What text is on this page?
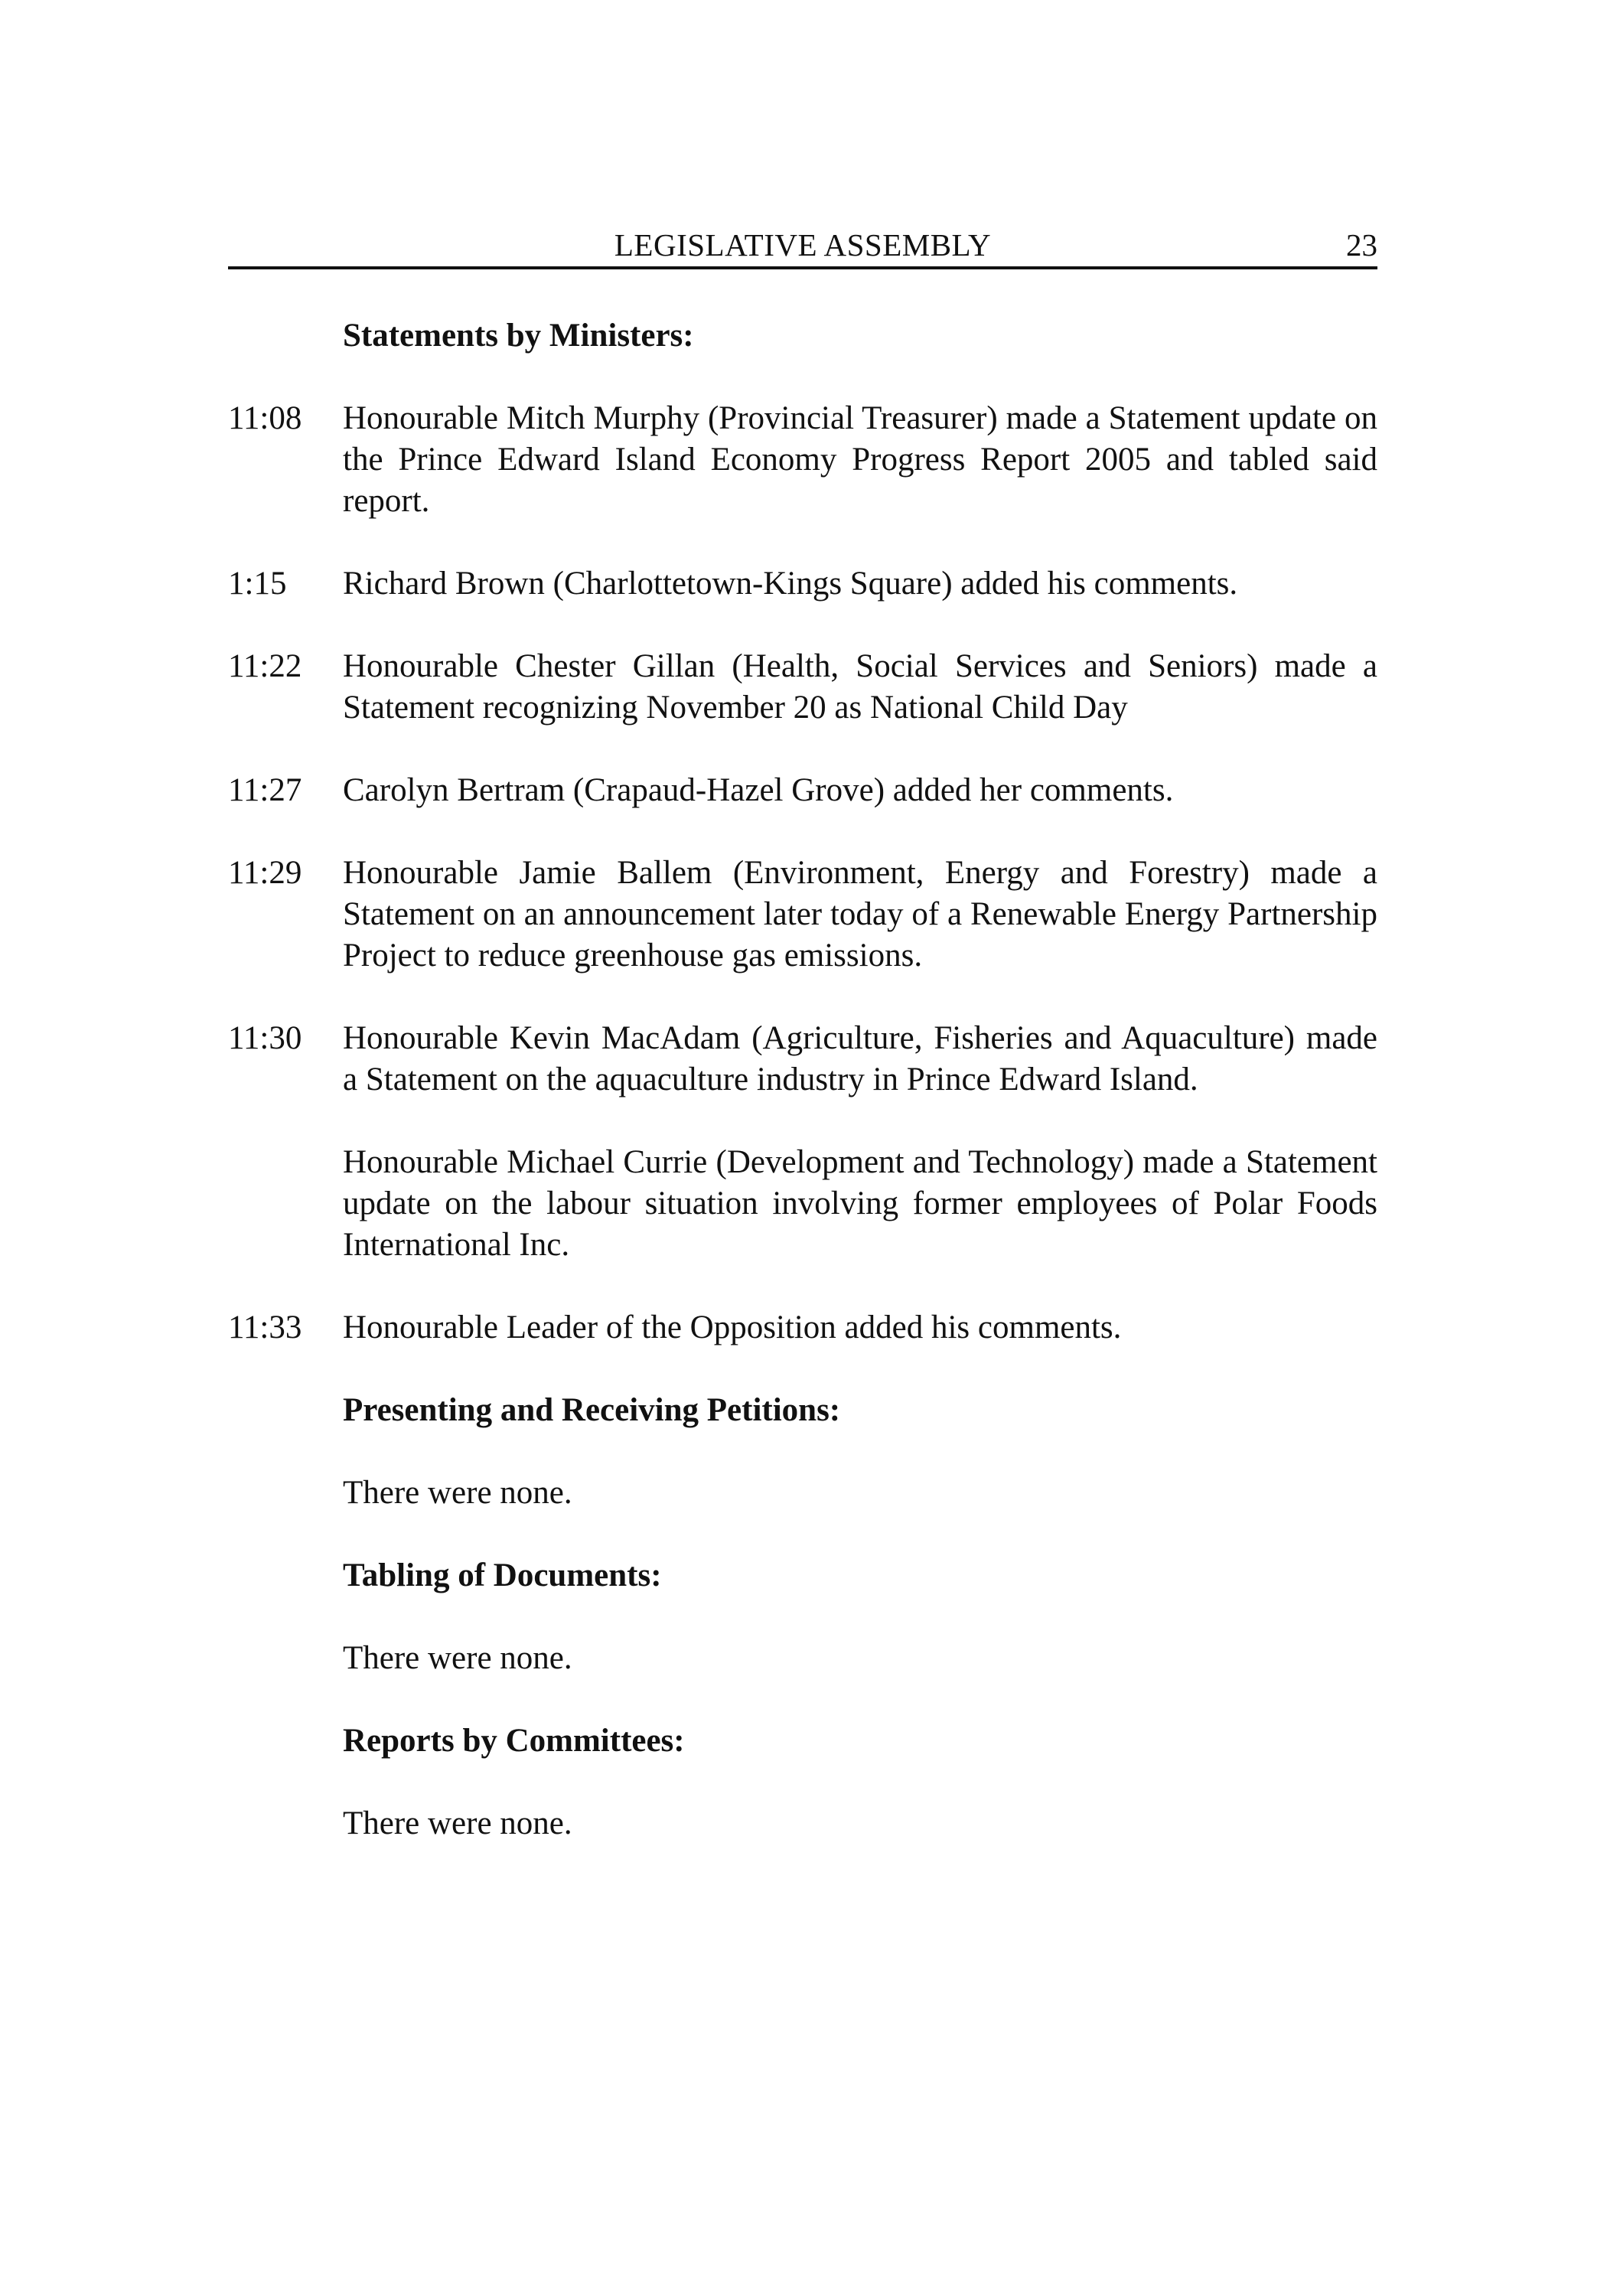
LEGISLATIVE ASSEMBLY	23
Statements by Ministers:
11:08	Honourable Mitch Murphy (Provincial Treasurer) made a Statement update on the Prince Edward Island Economy Progress Report 2005 and tabled said report.
1:15	Richard Brown (Charlottetown-Kings Square) added his comments.
11:22	Honourable Chester Gillan (Health, Social Services and Seniors) made a Statement recognizing November 20 as National Child Day
11:27	Carolyn Bertram (Crapaud-Hazel Grove) added her comments.
11:29	Honourable Jamie Ballem (Environment, Energy and Forestry) made a Statement on an announcement later today of a Renewable Energy Partnership Project to reduce greenhouse gas emissions.
11:30	Honourable Kevin MacAdam (Agriculture, Fisheries and Aquaculture) made a Statement on the aquaculture industry in Prince Edward Island.
Honourable Michael Currie (Development and Technology) made a Statement update on the labour situation involving former employees of Polar Foods International Inc.
11:33	Honourable Leader of the Opposition added his comments.
Presenting and Receiving Petitions:
There were none.
Tabling of Documents:
There were none.
Reports by Committees:
There were none.
